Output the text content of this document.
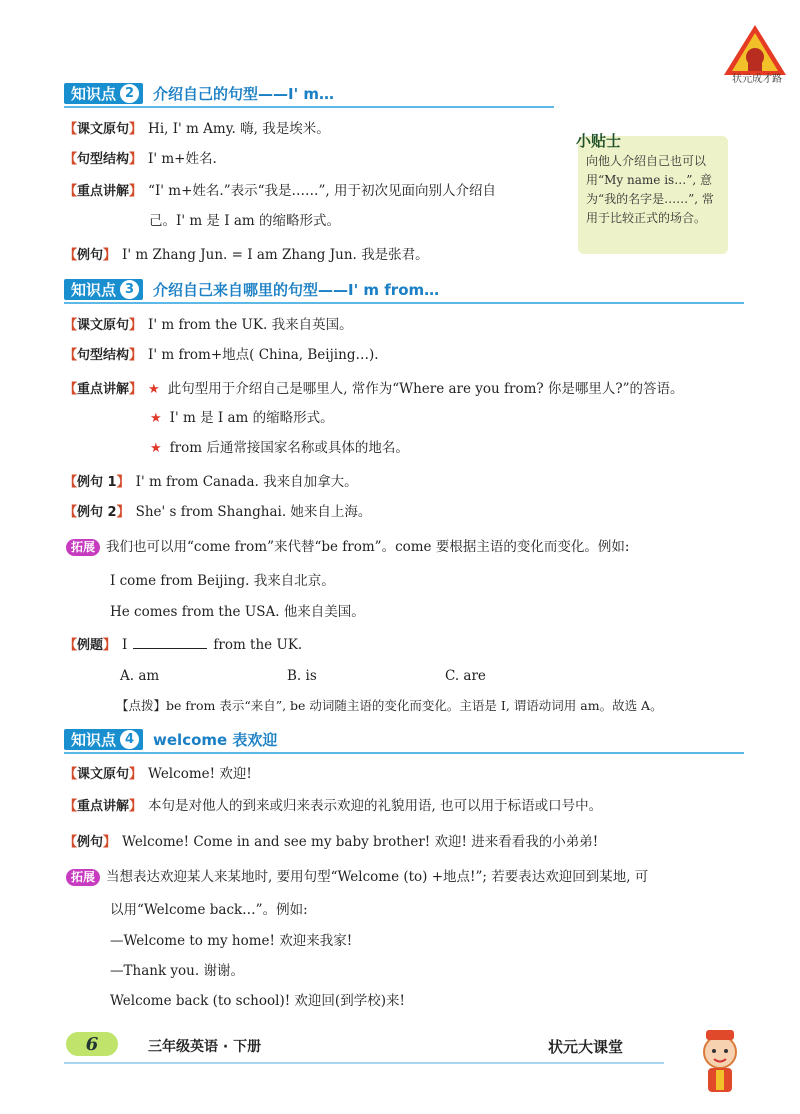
状元成才路
知识点 2	介绍自己的句型——I' m…
【课文原句】 Hi, I' m Amy. 嗨, 我是埃米。
【句型结构】 I' m+姓名.
【重点讲解】 “I' m+姓名.”表示“我是……”, 用于初次见面向别人介绍自
己。I' m 是 I am 的缩略形式。
【例句】 I' m Zhang Jun. = I am Zhang Jun. 我是张君。
小贴士
向他人介绍自己也可以用“My name is…”, 意为“我的名字是……”, 常用于比较正式的场合。
知识点 3	介绍自己来自哪里的句型——I' m from…
【课文原句】 I' m from the UK. 我来自英国。
【句型结构】 I' m from+地点( China, Beijing…).
【重点讲解】 ★ 此句型用于介绍自己是哪里人, 常作为“Where are you from? 你是哪里人?”的答语。
★ I' m 是 I am 的缩略形式。
★ from 后通常接国家名称或具体的地名。
【例句 1】 I' m from Canada. 我来自加拿大。
【例句 2】 She' s from Shanghai. 她来自上海。
拓展 我们也可以用“come from”来代替“be from”。come 要根据主语的变化而变化。例如:
I come from Beijing. 我来自北京。
He comes from the USA. 他来自美国。
【例题】 I	from the UK.
A. am	B. is	C. are
【点拨】be from 表示“来自”, be 动词随主语的变化而变化。主语是 I, 谓语动词用 am。故选 A。
知识点 4	welcome 表欢迎
【课文原句】 Welcome! 欢迎!
【重点讲解】 本句是对他人的到来或归来表示欢迎的礼貌用语, 也可以用于标语或口号中。
【例句】 Welcome! Come in and see my baby brother! 欢迎! 进来看看我的小弟弟!
拓展 当想表达欢迎某人来某地时, 要用句型“Welcome (to) +地点!”; 若要表达欢迎回到某地, 可
以用“Welcome back…”。例如:
—Welcome to my home! 欢迎来我家!
—Thank you. 谢谢。
Welcome back (to school)! 欢迎回(到学校)来!
6	三年级英语 · 下册	状元大课堂
